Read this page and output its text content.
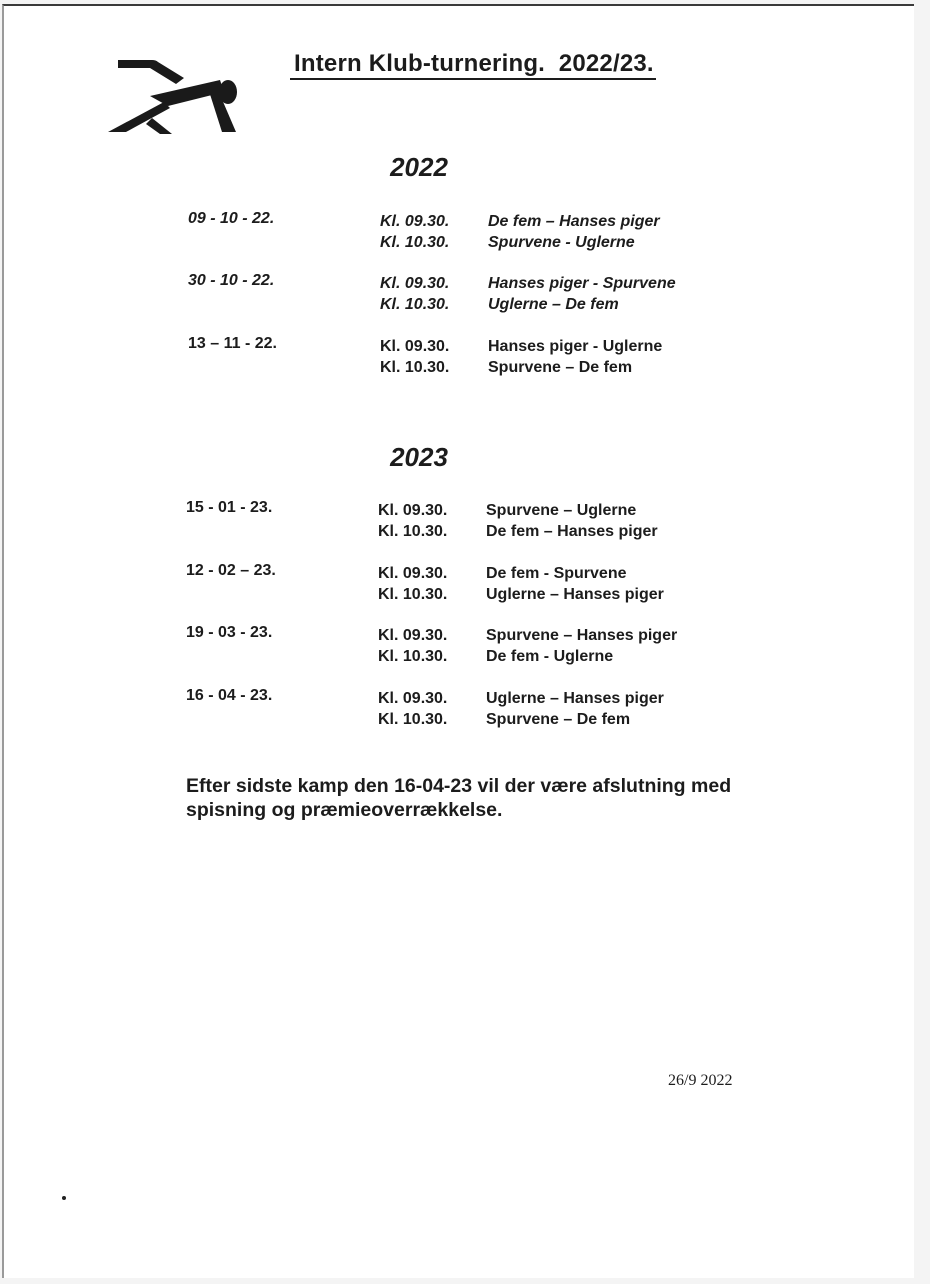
Intern Klub-turnering.  2022/23.
2022
09 - 10 - 22.	Kl. 09.30. De fem – Hanses piger
Kl. 10.30. Spurvene - Uglerne
30 - 10 - 22.	Kl. 09.30. Hanses piger - Spurvene
Kl. 10.30. Uglerne – De fem
13 – 11 - 22.	Kl. 09.30. Hanses piger - Uglerne
Kl. 10.30. Spurvene – De fem
2023
15 - 01 - 23.	Kl. 09.30. Spurvene – Uglerne
Kl. 10.30. De fem – Hanses piger
12 - 02 – 23.	Kl. 09.30. De fem - Spurvene
Kl. 10.30. Uglerne – Hanses piger
19 - 03 - 23.	Kl. 09.30. Spurvene – Hanses piger
Kl. 10.30. De fem - Uglerne
16 - 04 - 23.	Kl. 09.30. Uglerne – Hanses piger
Kl. 10.30. Spurvene – De fem
Efter sidste kamp den 16-04-23 vil der være afslutning med spisning og præmieoverrækkelse.
26/9 2022
